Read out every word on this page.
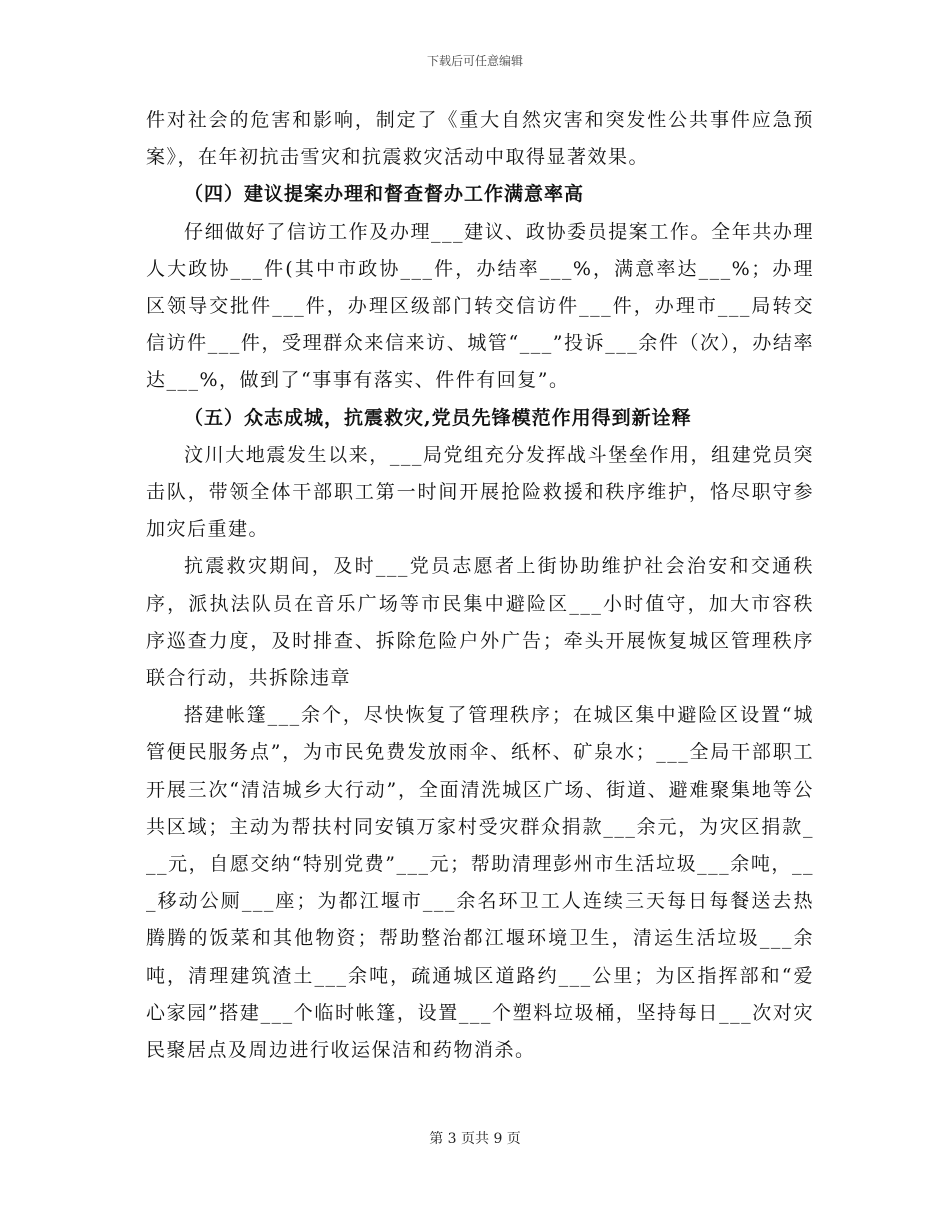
下载后可任意编辑

件对社会的危害和影响，制定了《重大自然灾害和突发性公共事件应急预案》，在年初抗击雪灾和抗震救灾活动中取得显著效果。

（四）建议提案办理和督查督办工作满意率高

仔细做好了信访工作及办理___建议、政协委员提案工作。全年共办理人大政协___件(其中市政协___件，办结率___%，满意率达___%；办理区领导交批件___件，办理区级部门转交信访件___件，办理市___局转交信访件___件，受理群众来信来访、城管“___”投诉___余件（次），办结率达___%，做到了“事事有落实、件件有回复”。

（五）众志成城，抗震救灾,党员先锋模范作用得到新诠释

汶川大地震发生以来，___局党组充分发挥战斗堡垒作用，组建党员突击队，带领全体干部职工第一时间开展抢险救援和秩序维护，恪尽职守参加灾后重建。

抗震救灾期间，及时___党员志愿者上街协助维护社会治安和交通秩序，派执法队员在音乐广场等市民集中避险区___小时值守，加大市容秩序巡查力度，及时排查、拆除危险户外广告；牵头开展恢复城区管理秩序联合行动，共拆除违章

搭建帐篷___余个，尽快恢复了管理秩序；在城区集中避险区设置“城管便民服务点”，为市民免费发放雨伞、纸杯、矿泉水；___全局干部职工开展三次“清洁城乡大行动”，全面清洗城区广场、街道、避难聚集地等公共区域；主动为帮扶村同安镇万家村受灾群众捐款___余元，为灾区捐款___元，自愿交纳“特别党费”___元；帮助清理彭州市生活垃圾___余吨，___移动公厕___座；为都江堰市___余名环卫工人连续三天每日每餐送去热腾腾的饭菜和其他物资；帮助整治都江堰环境卫生，清运生活垃圾___余吨，清理建筑渣土___余吨，疏通城区道路约___公里；为区指挥部和“爱心家园”搭建___个临时帐篷，设置___个塑料垃圾桶，坚持每日___次对灾民聚居点及周边进行收运保洁和药物消杀。

第 3 页共 9 页
